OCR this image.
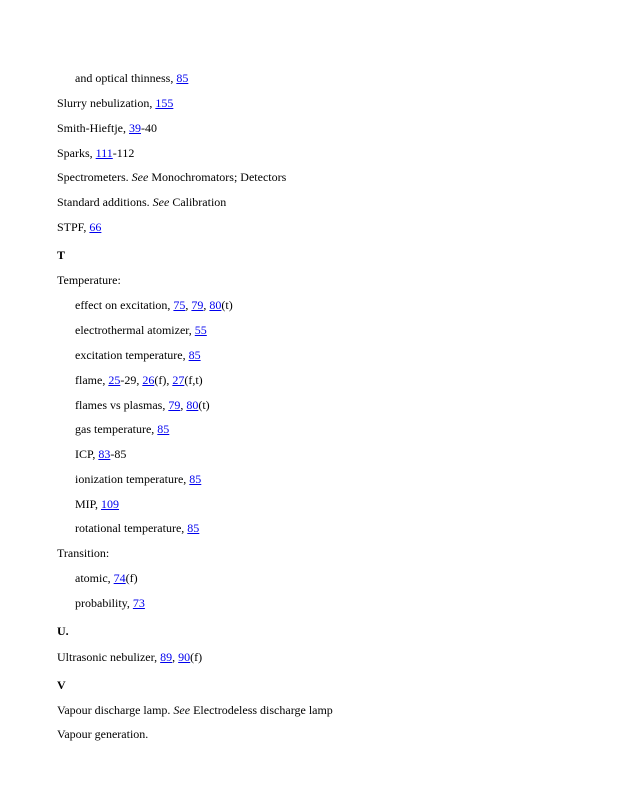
and optical thinness, 85
Slurry nebulization, 155
Smith-Hieftje, 39-40
Sparks, 111-112
Spectrometers. See Monochromators; Detectors
Standard additions. See Calibration
STPF, 66
T
Temperature:
effect on excitation, 75, 79, 80(t)
electrothermal atomizer, 55
excitation temperature, 85
flame, 25-29, 26(f), 27(f,t)
flames vs plasmas, 79, 80(t)
gas temperature, 85
ICP, 83-85
ionization temperature, 85
MIP, 109
rotational temperature, 85
Transition:
atomic, 74(f)
probability, 73
U.
Ultrasonic nebulizer, 89, 90(f)
V
Vapour discharge lamp. See Electrodeless discharge lamp
Vapour generation.
